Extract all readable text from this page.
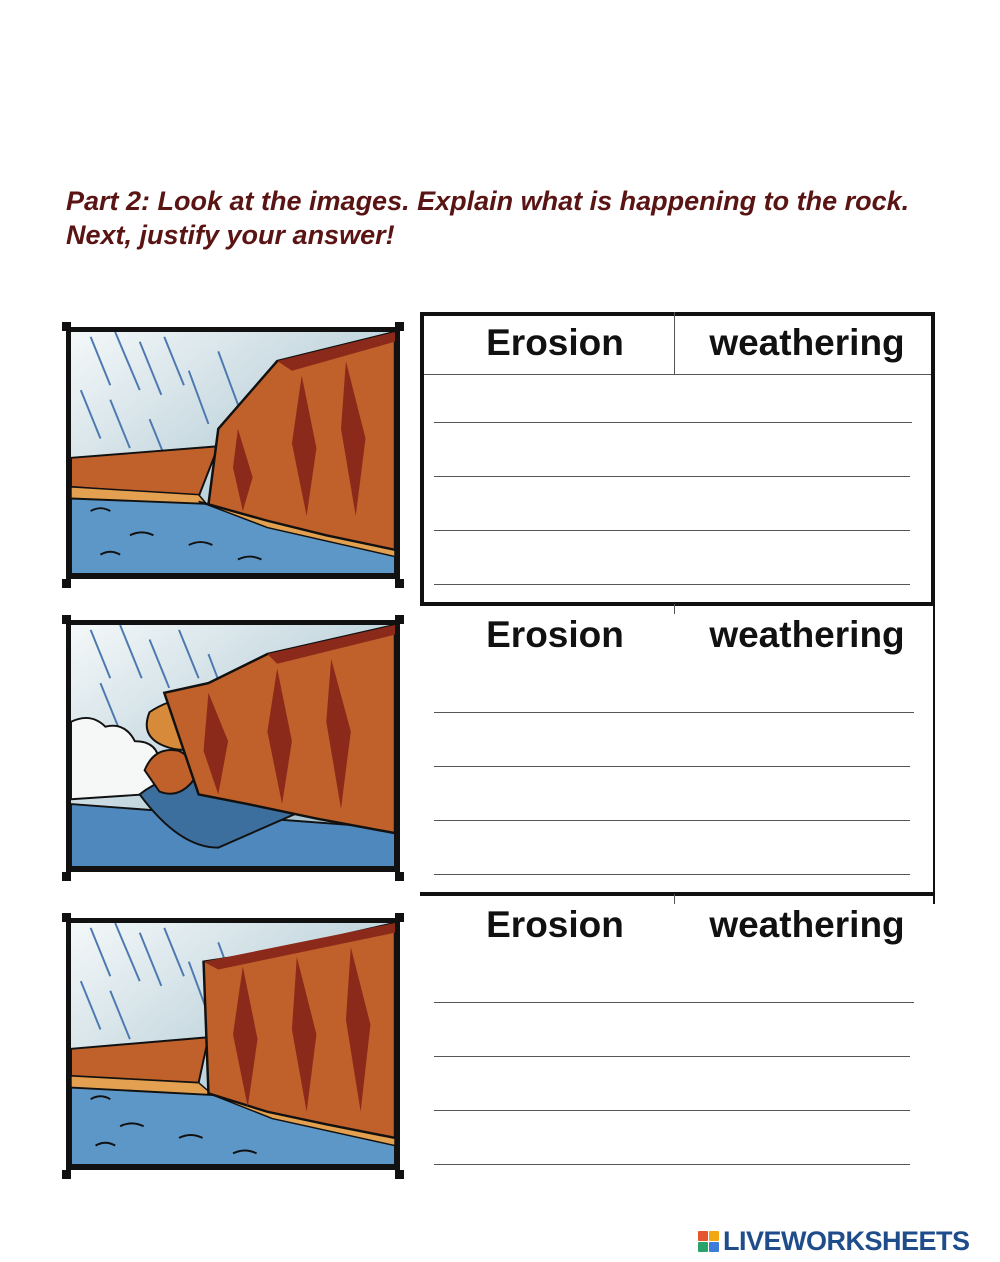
Part 2: Look at the images. Explain what is happening to the rock. Next, justify your answer!
Erosion	weathering
Erosion	weathering
Erosion	weathering
LIVEWORKSHEETS
